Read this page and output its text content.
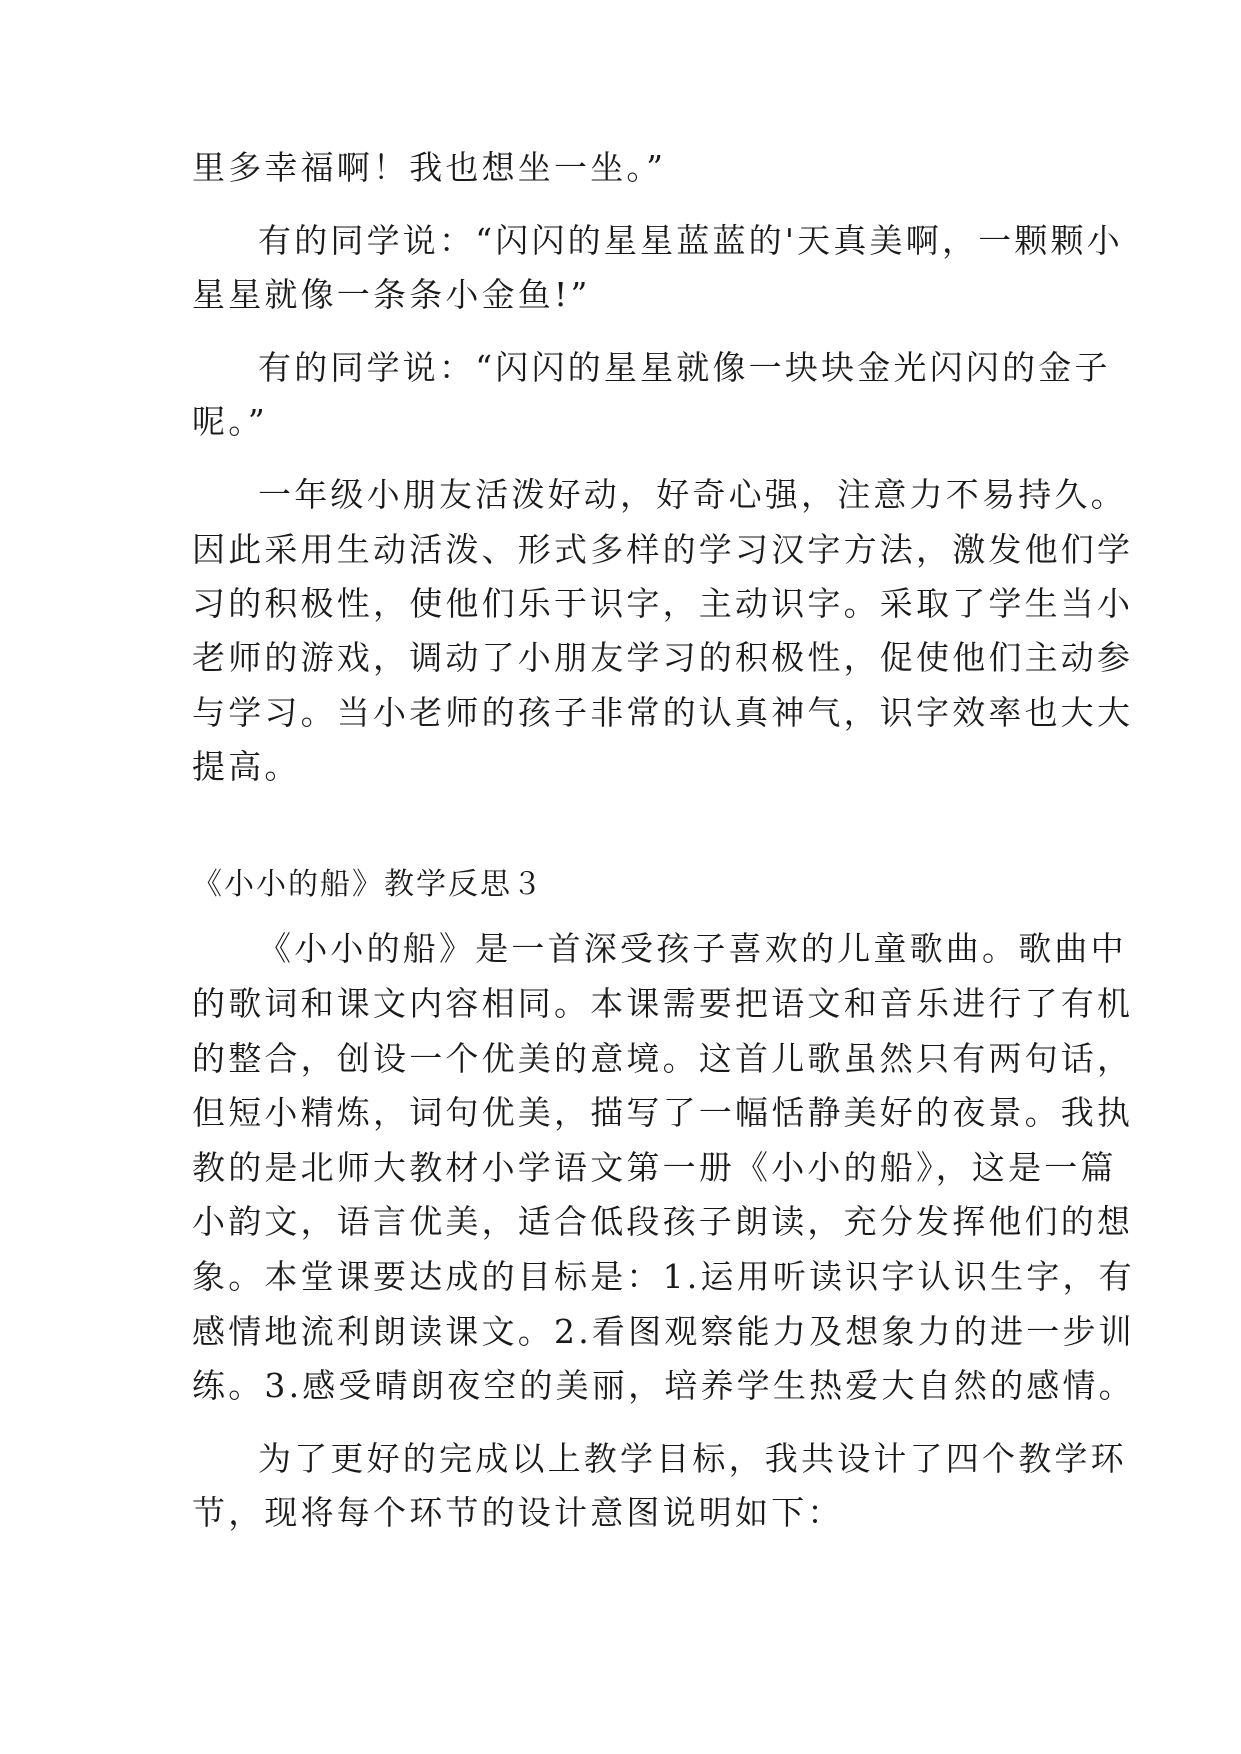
里多幸福啊！我也想坐一坐。”
有的同学说：“闪闪的星星蓝蓝的'天真美啊，一颗颗小
星星就像一条条小金鱼!”
有的同学说：“闪闪的星星就像一块块金光闪闪的金子
呢。”
一年级小朋友活泼好动，好奇心强，注意力不易持久。
因此采用生动活泼、形式多样的学习汉字方法，激发他们学
习的积极性，使他们乐于识字，主动识字。采取了学生当小
老师的游戏，调动了小朋友学习的积极性，促使他们主动参
与学习。当小老师的孩子非常的认真神气，识字效率也大大
提高。
《小小的船》教学反思３
《小小的船》是一首深受孩子喜欢的儿童歌曲。歌曲中
的歌词和课文内容相同。本课需要把语文和音乐进行了有机
的整合，创设一个优美的意境。这首儿歌虽然只有两句话，
但短小精炼，词句优美，描写了一幅恬静美好的夜景。我执
教的是北师大教材小学语文第一册《小小的船》，这是一篇
小韵文，语言优美，适合低段孩子朗读，充分发挥他们的想
象。本堂课要达成的目标是：1.运用听读识字认识生字，有
感情地流利朗读课文。2.看图观察能力及想象力的进一步训
练。3.感受晴朗夜空的美丽，培养学生热爱大自然的感情。
为了更好的完成以上教学目标，我共设计了四个教学环
节，现将每个环节的设计意图说明如下：
